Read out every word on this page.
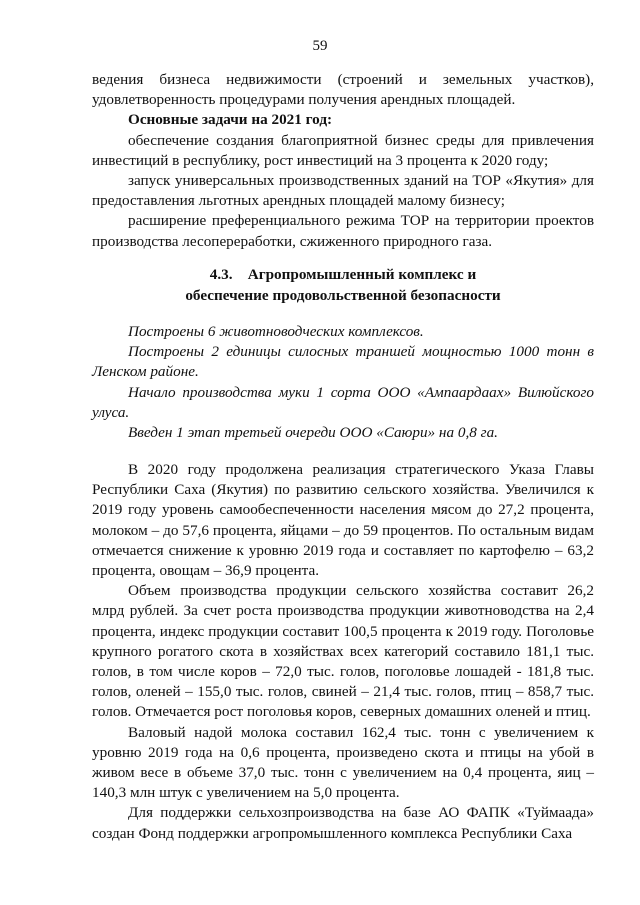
59

ведения бизнеса недвижимости (строений и земельных участков), удовлетворенность процедурами получения арендных площадей.

Основные задачи на 2021 год:

обеспечение создания благоприятной бизнес среды для привлечения инвестиций в республику, рост инвестиций на 3 процента к 2020 году;

запуск универсальных производственных зданий на ТОР «Якутия» для предоставления льготных арендных площадей малому бизнесу;

расширение преференциального режима ТОР на территории проектов производства лесопереработки, сжиженного природного газа.

4.3.    Агропромышленный комплекс и
обеспечение продовольственной безопасности

Построены 6 животноводческих комплексов.

Построены 2 единицы силосных траншей мощностью 1000 тонн в Ленском районе.

Начало производства муки 1 сорта ООО «Ампаардаах» Вилюйского улуса.

Введен 1 этап третьей очереди ООО «Саюри» на 0,8 га.

В 2020 году продолжена реализация стратегического Указа Главы Республики Саха (Якутия) по развитию сельского хозяйства. Увеличился к 2019 году уровень самообеспеченности населения мясом до 27,2 процента, молоком – до 57,6 процента, яйцами – до 59 процентов. По остальным видам отмечается снижение к уровню 2019 года и составляет по картофелю – 63,2 процента, овощам – 36,9 процента.

Объем производства продукции сельского хозяйства составит 26,2 млрд рублей. За счет роста производства продукции животноводства на 2,4 процента, индекс продукции составит 100,5 процента к 2019 году. Поголовье крупного рогатого скота в хозяйствах всех категорий составило 181,1 тыс. голов, в том числе коров – 72,0 тыс. голов, поголовье лошадей - 181,8 тыс. голов, оленей – 155,0 тыс. голов, свиней – 21,4 тыс. голов, птиц – 858,7 тыс. голов. Отмечается рост поголовья коров, северных домашних оленей и птиц.

Валовый надой молока составил 162,4 тыс. тонн с увеличением к уровню 2019 года на 0,6 процента, произведено скота и птицы на убой в живом весе в объеме 37,0 тыс. тонн с увеличением на 0,4 процента, яиц – 140,3 млн штук с увеличением на 5,0 процента.

Для поддержки сельхозпроизводства на базе АО ФАПК «Туймаада» создан Фонд поддержки агропромышленного комплекса Республики Саха
